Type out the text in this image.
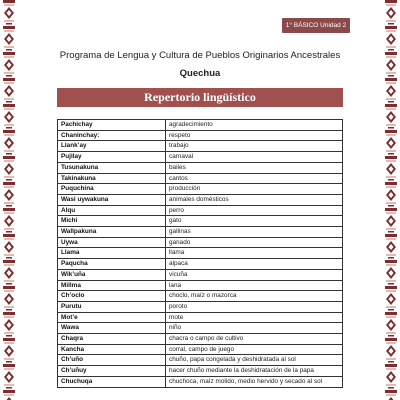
1° BÁSICO Unidad 2
Programa de Lengua y Cultura de Pueblos Originarios Ancestrales
Quechua
Repertorio lingüístico
Pachichay	agradecimiento
Chaninchay:	respeto
Llank’ay	trabajo
Pujllay	carnaval
Tusunakuna	bailes
Takinakuna	cantos
Puquchina	producción
Wasi uywakuna	animales domésticos
Alqu	perro
Michi	gato
Wallpakuna	gallinas
Uywa	ganado
Llama	llama
Paqucha	alpaca
Wik’uña	vicuña
Millma	lana
Ch’oclo	choclo, maíz o mazorca
Purutu	poroto
Mot’e	mote
Wawa	niño
Chaqra	chacra o campo de cultivo
Kancha	corral, campo de juego
Ch’uño	chuño, papa congelada y deshidratada al sol
Ch’uñuy	hacer chuño mediante la deshidratación de la papa
Chuchuqa	chuchoca, maíz molido, medio hervido y secado al sol
